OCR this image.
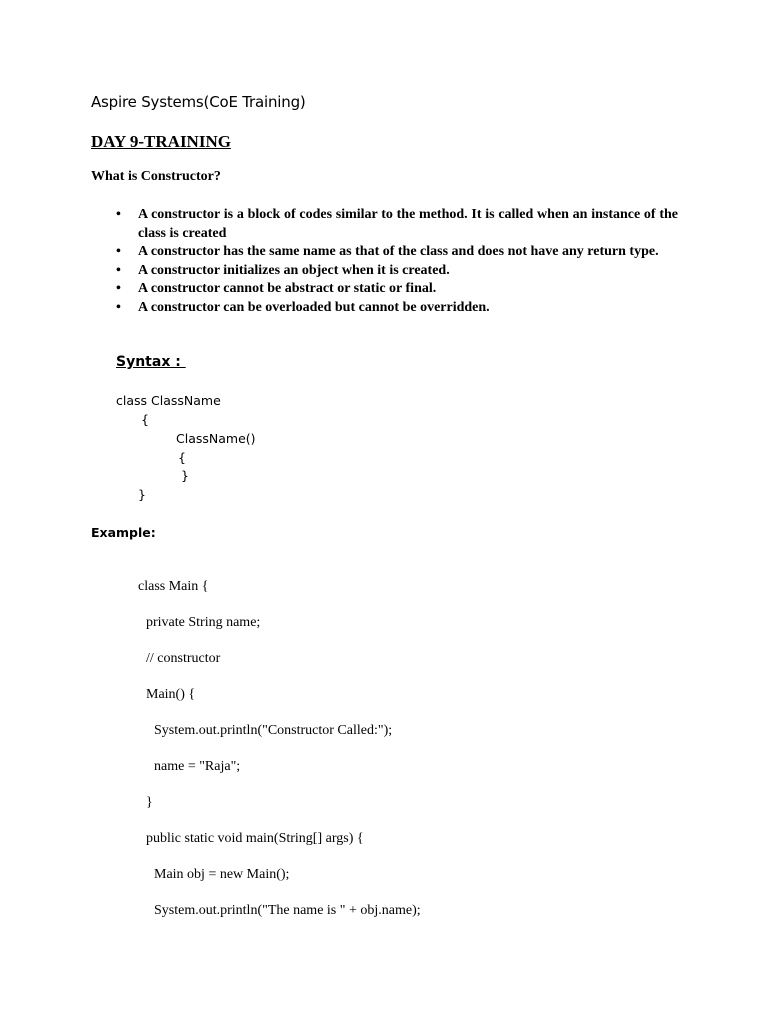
Aspire Systems(CoE Training)
DAY 9-TRAINING
What is Constructor?
• A constructor is a block of codes similar to the method. It is called when an instance of the class is created
• A constructor has the same name as that of the class and does not have any return type.
• A constructor initializes an object when it is created.
• A constructor cannot be abstract or static or final.
• A constructor can be overloaded but cannot be overridden.
Syntax :
class ClassName
{
ClassName()
{
}
}
Example:
class Main {
private String name;
// constructor
Main() {
System.out.println("Constructor Called:");
name = "Raja";
}
public static void main(String[] args) {
Main obj = new Main();
System.out.println("The name is " + obj.name);
